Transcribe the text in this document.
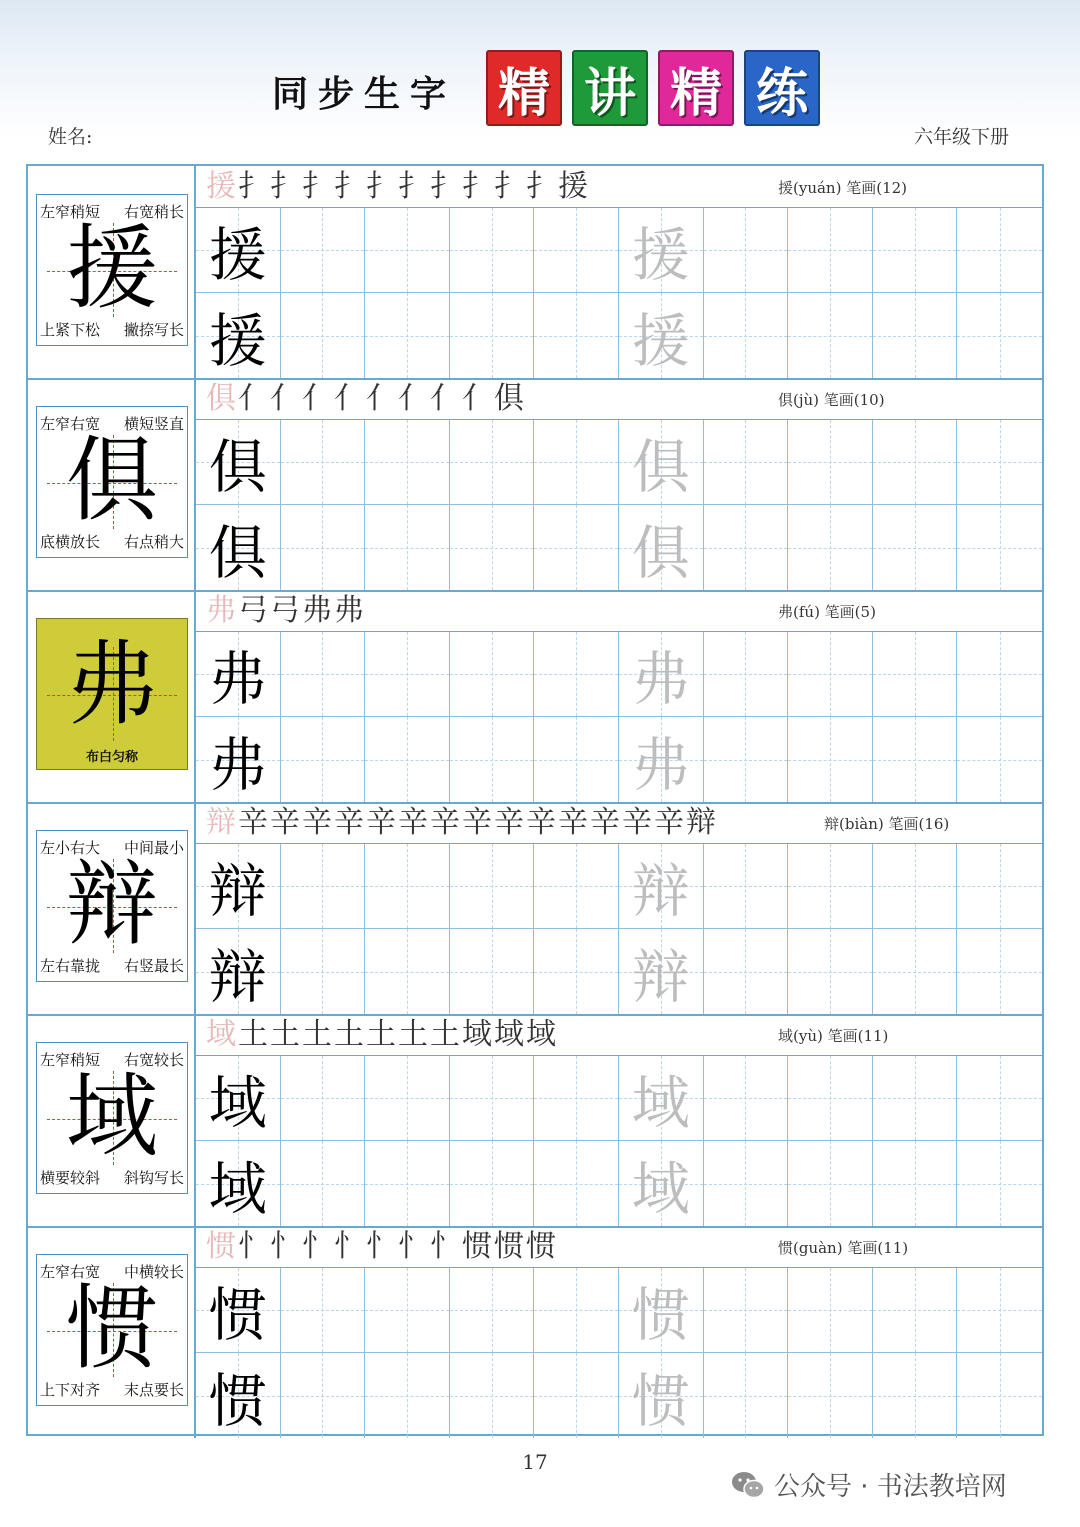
同步生字 精 讲 精 练
姓名:	六年级下册
援
左窄稍短 右宽稍长
上紧下松 撇捺写长
援扌扌扌扌扌扌扌扌扌扌援	援(yuán) 笔画(12)
援	援
援	援
俱
左窄右宽 横短竖直
底横放长 右点稍大
俱亻亻亻亻亻亻亻亻俱	俱(jù) 笔画(10)
俱	俱
俱	俱
弗
布白匀称
弗弓弓弗弗	弗(fú) 笔画(5)
弗	弗
弗	弗
辩
左小右大 中间最小
左右靠拢 右竖最长
辩辛辛辛辛辛辛辛辛辛辛辛辛辛辛辩	辩(biàn) 笔画(16)
辩	辩
辩	辩
域
左窄稍短 右宽较长
横要较斜 斜钩写长
域土土土土土土土域域域	域(yù) 笔画(11)
域	域
域	域
惯
左窄右宽 中横较长
上下对齐 末点要长
惯忄忄忄忄忄忄忄惯惯惯	惯(guàn) 笔画(11)
惯	惯
惯	惯
17
公众号 · 书法教培网
